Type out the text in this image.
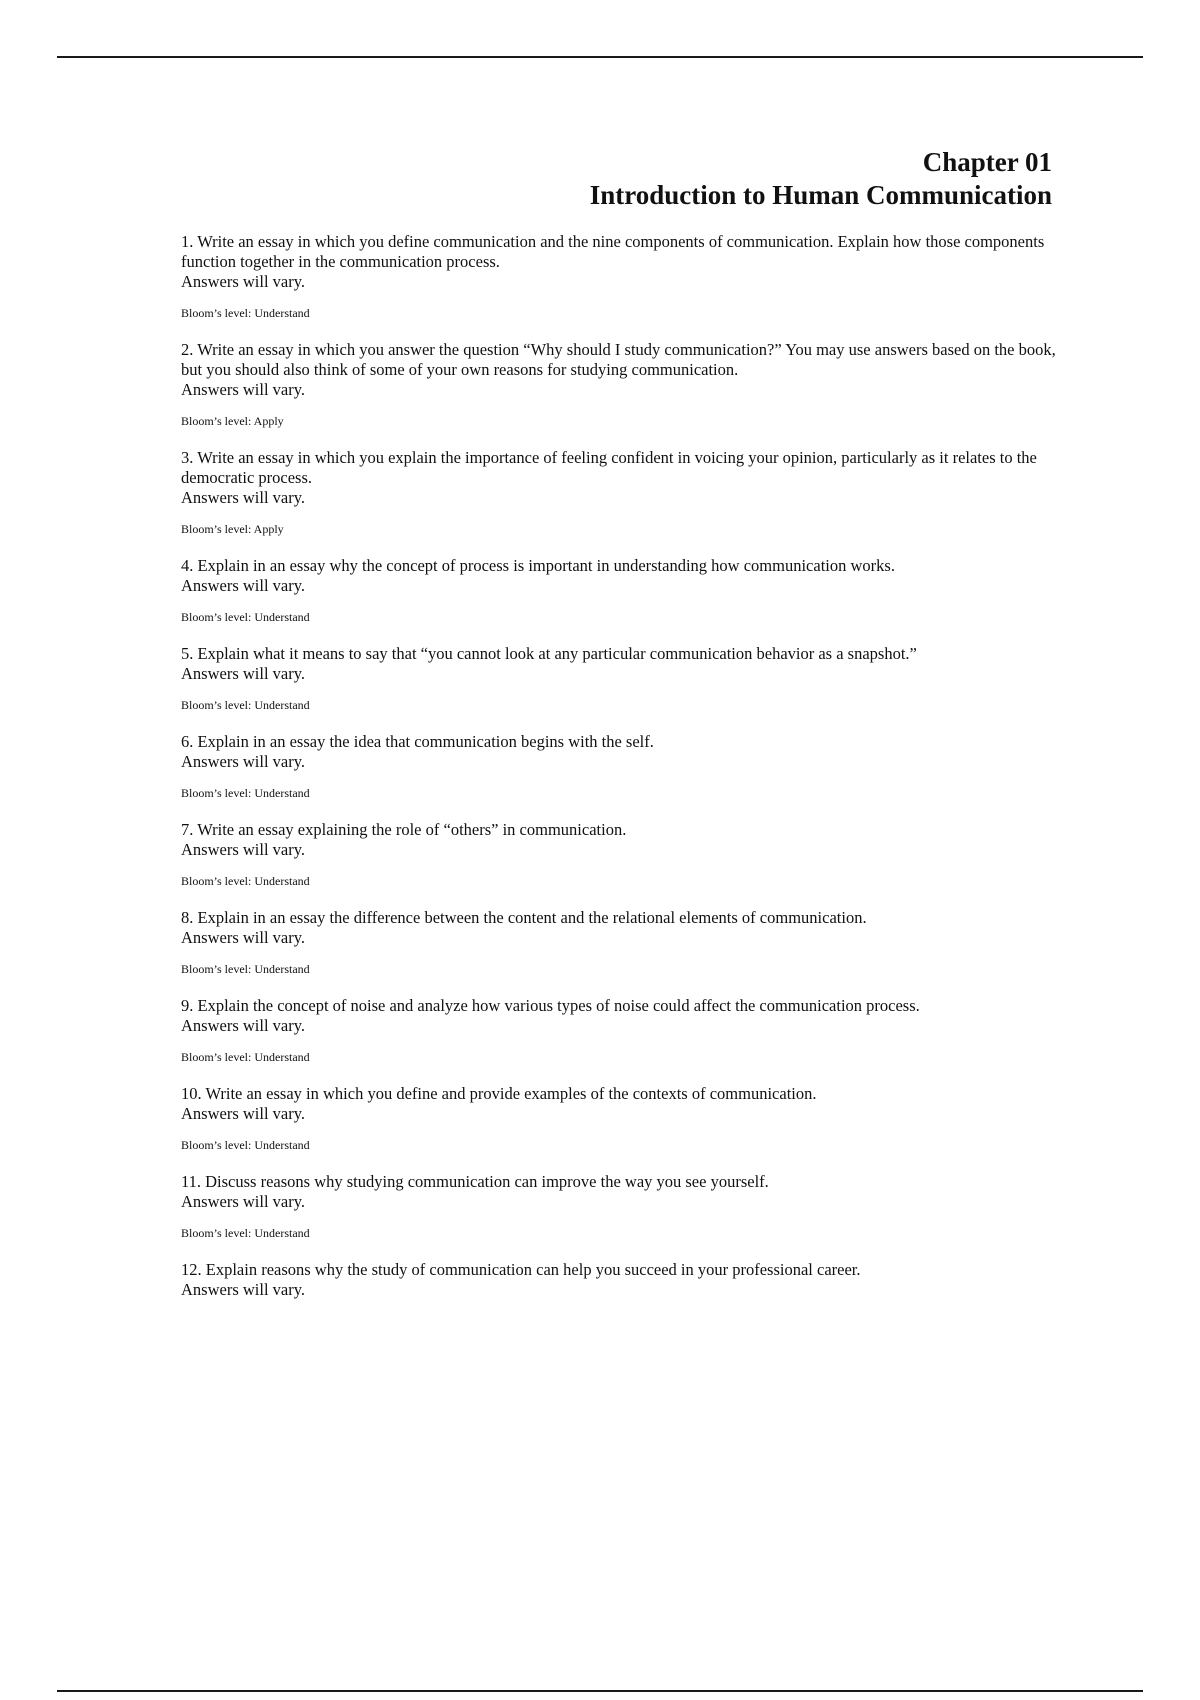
Chapter 01
Introduction to Human Communication

1. Write an essay in which you define communication and the nine components of communication. Explain how those components function together in the communication process.

Answers will vary.

Bloom’s level: Understand

2. Write an essay in which you answer the question “Why should I study communication?” You may use answers based on the book, but you should also think of some of your own reasons for studying communication.

Answers will vary.

Bloom’s level: Apply

3. Write an essay in which you explain the importance of feeling confident in voicing your opinion, particularly as it relates to the democratic process.

Answers will vary.

Bloom’s level: Apply

4. Explain in an essay why the concept of process is important in understanding how communication works.

Answers will vary.

Bloom’s level: Understand

5. Explain what it means to say that “you cannot look at any particular communication behavior as a snapshot.”

Answers will vary.

Bloom’s level: Understand

6. Explain in an essay the idea that communication begins with the self.

Answers will vary.

Bloom’s level: Understand

7. Write an essay explaining the role of “others” in communication.

Answers will vary.

Bloom’s level: Understand

8. Explain in an essay the difference between the content and the relational elements of communication.

Answers will vary.

Bloom’s level: Understand

9. Explain the concept of noise and analyze how various types of noise could affect the communication process.

Answers will vary.

Bloom’s level: Understand

10. Write an essay in which you define and provide examples of the contexts of communication.

Answers will vary.

Bloom’s level: Understand

11. Discuss reasons why studying communication can improve the way you see yourself.

Answers will vary.

Bloom’s level: Understand

12. Explain reasons why the study of communication can help you succeed in your professional career.

Answers will vary.
